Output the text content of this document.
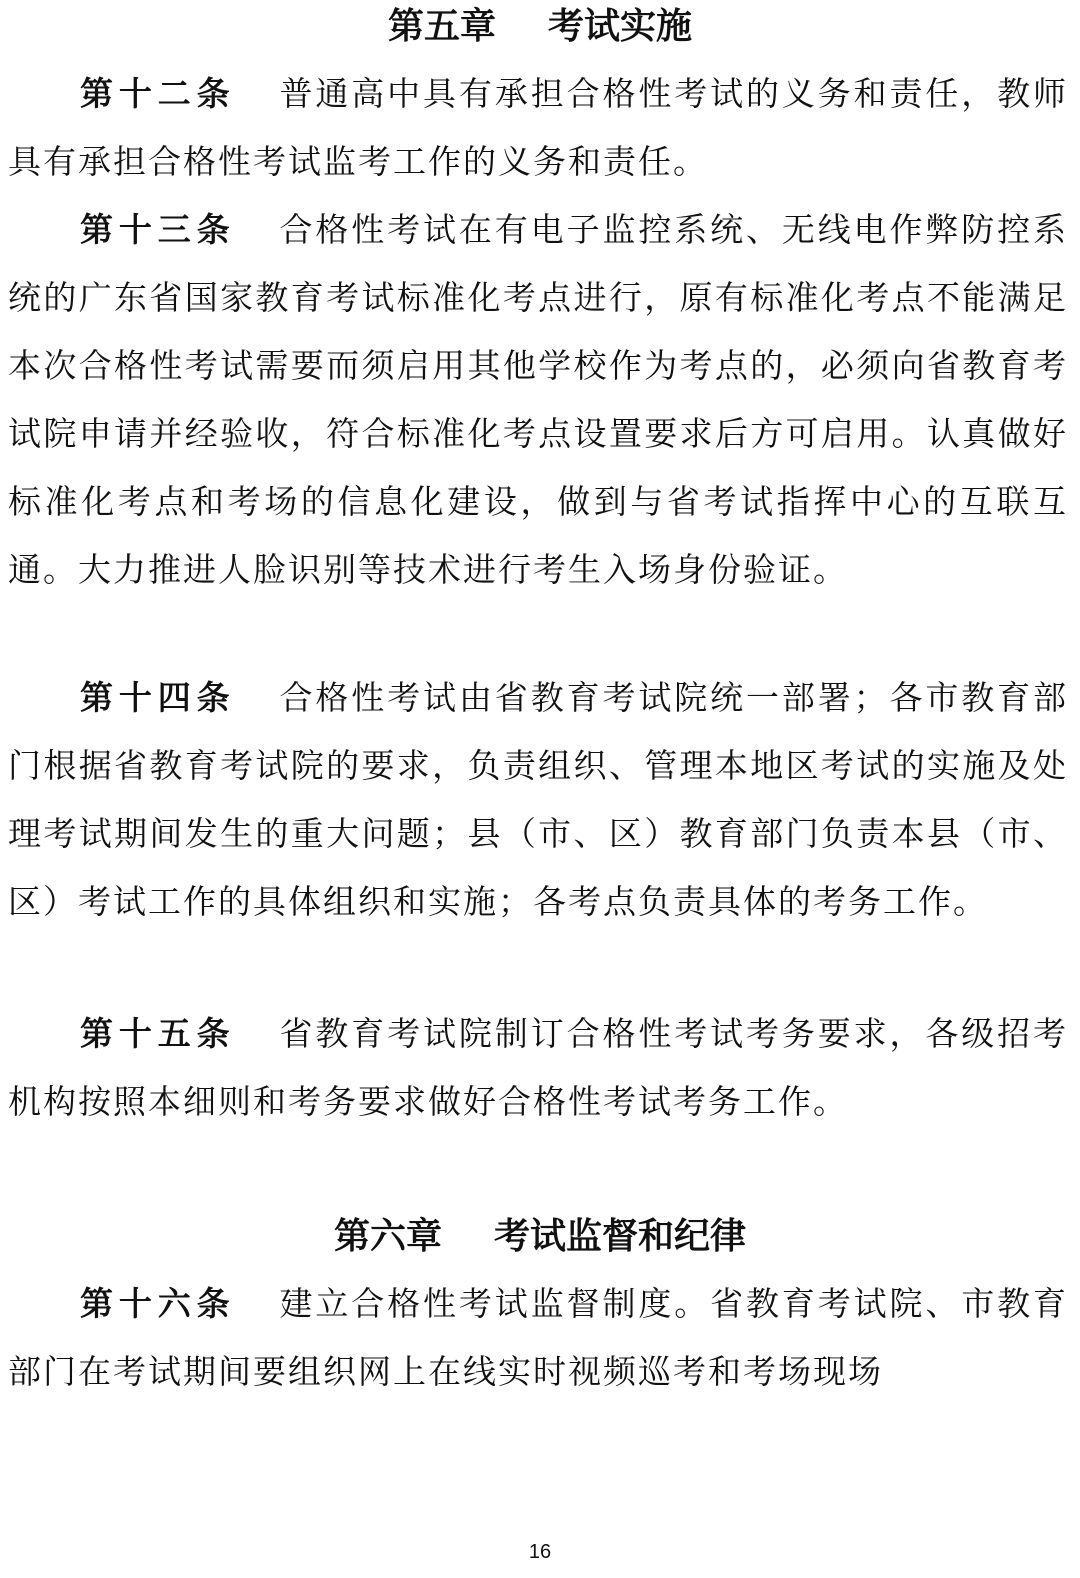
第五章 考试实施

第十二条 普通高中具有承担合格性考试的义务和责任，教师具有承担合格性考试监考工作的义务和责任。

第十三条 合格性考试在有电子监控系统、无线电作弊防控系统的广东省国家教育考试标准化考点进行，原有标准化考点不能满足本次合格性考试需要而须启用其他学校作为考点的，必须向省教育考试院申请并经验收，符合标准化考点设置要求后方可启用。认真做好标准化考点和考场的信息化建设，做到与省考试指挥中心的互联互通。大力推进人脸识别等技术进行考生入场身份验证。

第十四条 合格性考试由省教育考试院统一部署；各市教育部门根据省教育考试院的要求，负责组织、管理本地区考试的实施及处理考试期间发生的重大问题；县（市、区）教育部门负责本县（市、区）考试工作的具体组织和实施；各考点负责具体的考务工作。

第十五条 省教育考试院制订合格性考试考务要求，各级招考机构按照本细则和考务要求做好合格性考试考务工作。

第六章 考试监督和纪律

第十六条 建立合格性考试监督制度。省教育考试院、市教育部门在考试期间要组织网上在线实时视频巡考和考场现场

16
